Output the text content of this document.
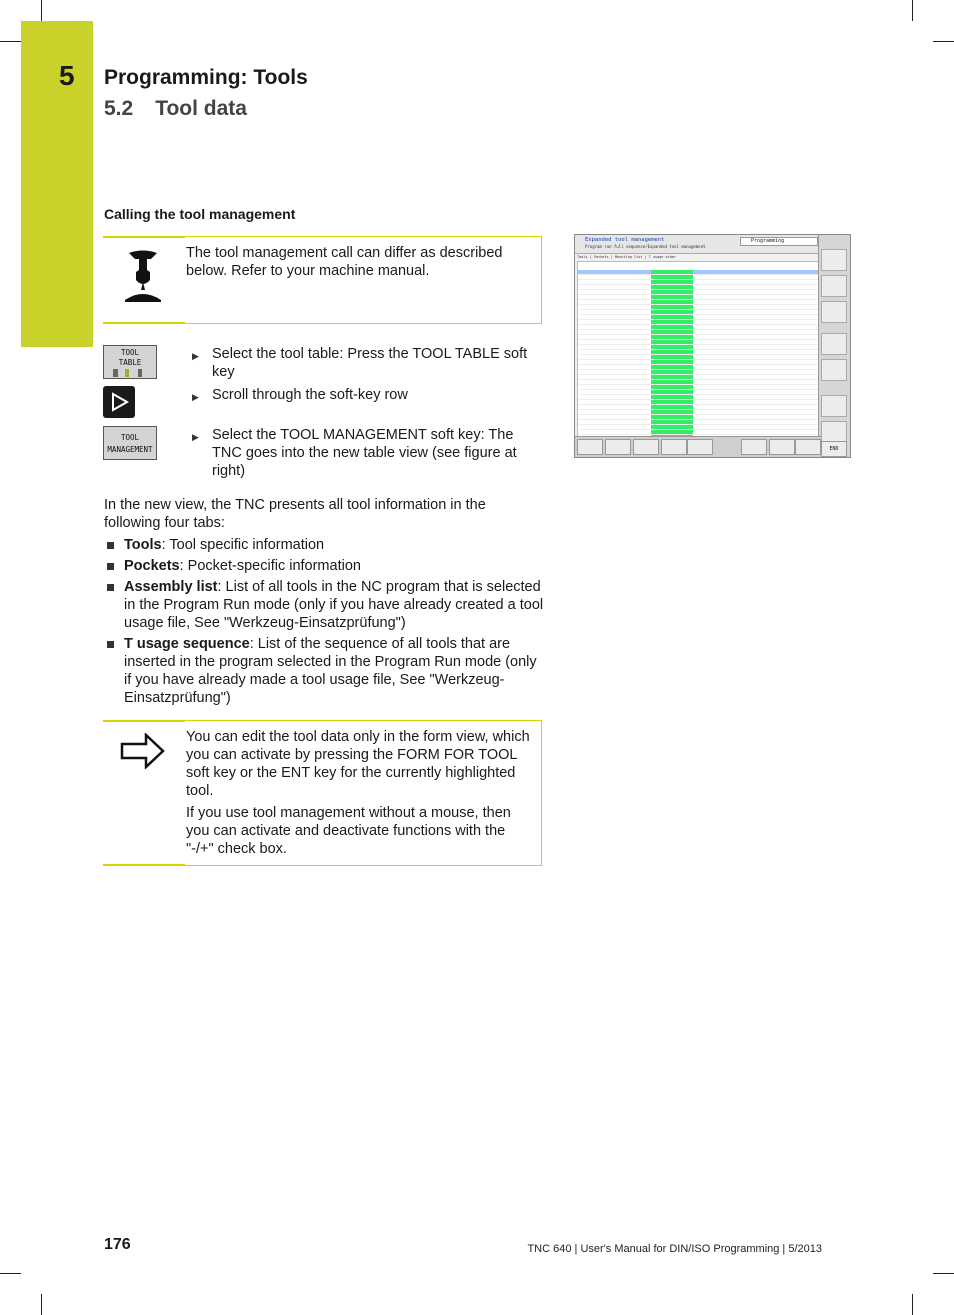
5 Programming: Tools
5.2 Tool data
Calling the tool management

The tool management call can differ as described below. Refer to your machine manual.

TOOL
TABLE
TOOL
MANAGEMENT
▶ Select the tool table: Press the TOOL TABLE soft key
▶ Scroll through the soft-key row
▶ Select the TOOL MANAGEMENT soft key: The TNC goes into the new table view (see figure at right)

In the new view, the TNC presents all tool information in the following four tabs:

Tools: Tool specific information
Pockets: Pocket-specific information
Assembly list: List of all tools in the NC program that is selected in the Program Run mode (only if you have already created a tool usage file, See "Werkzeug-Einsatzprüfung")
T usage sequence: List of the sequence of all tools that are inserted in the program selected in the Program Run mode (only if you have already made a tool usage file, See "Werkzeug-Einsatzprüfung")

You can edit the tool data only in the form view, which you can activate by pressing the FORM FOR TOOL soft key or the ENT key for the currently highlighted tool.

If you use tool management without a mouse, then you can activate and deactivate functions with the "-/+" check box.

Expanded tool management
Program run full sequence/Expanded tool management
Programming
Tools | Pockets | Mounting list | T usage order
END
176	TNC 640 | User's Manual for DIN/ISO Programming | 5/2013
